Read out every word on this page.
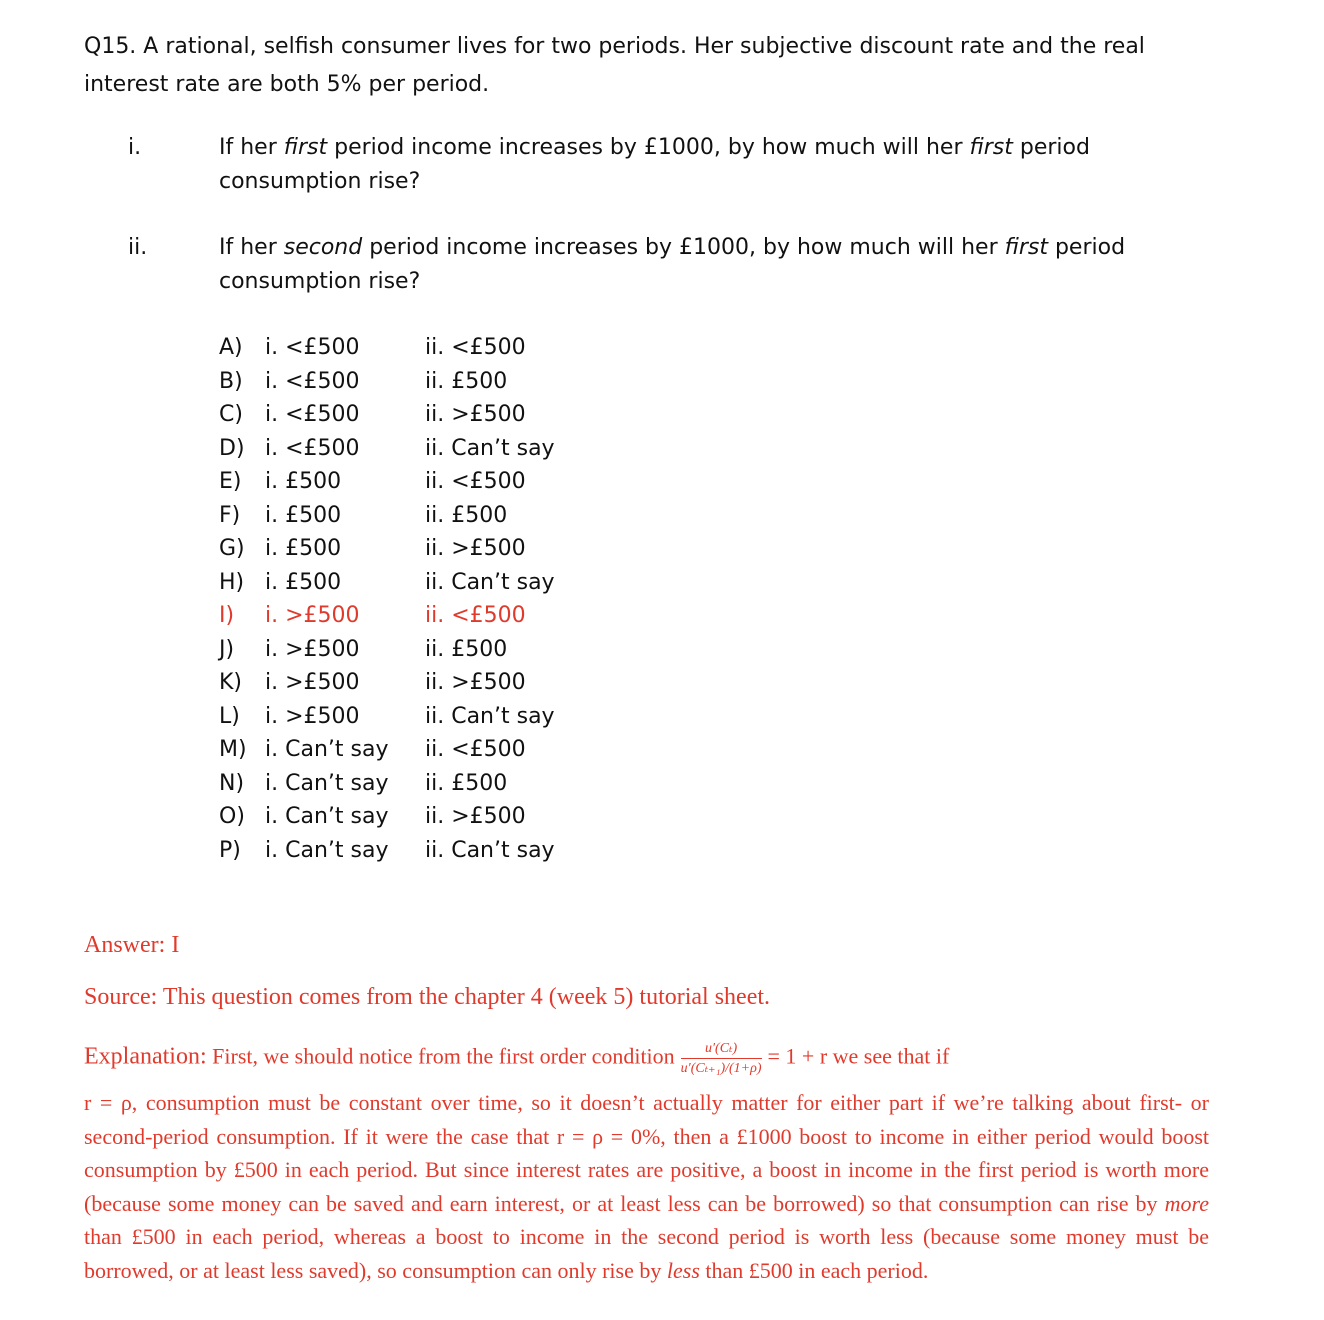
Q15. A rational, selfish consumer lives for two periods. Her subjective discount rate and the real
interest rate are both 5% per period.
i.	If her first period income increases by £1000, by how much will her first period
consumption rise?
ii.	If her second period income increases by £1000, by how much will her first period
consumption rise?
A) i. <£500	ii. <£500
B) i. <£500	ii. £500
C) i. <£500	ii. >£500
D) i. <£500	ii. Can’t say
E) i. £500	ii. <£500
F) i. £500	ii. £500
G) i. £500	ii. >£500
H) i. £500	ii. Can’t say
I) i. >£500	ii. <£500
J) i. >£500	ii. £500
K) i. >£500	ii. >£500
L) i. >£500	ii. Can’t say
M) i. Can’t say ii. <£500
N) i. Can’t say ii. £500
O) i. Can’t say ii. >£500
P) i. Can’t say ii. Can’t say
Answer: I
Source: This question comes from the chapter 4 (week 5) tutorial sheet.
Explanation: First, we should notice from the first order condition $\frac{\text{u′(Cₜ)}}{\text{u′(Cₜ₊₁)/(1+ρ)}} = 1 + r$ we see that if
r = ρ, consumption must be constant over time, so it doesn’t actually matter for either part if we’re talking about first- or second-period consumption. If it were the case that r = ρ = 0%, then a £1000 boost to income in either period would boost consumption by £500 in each period. But since interest rates are positive, a boost in income in the first period is worth more (because some money can be saved and earn interest, or at least less can be borrowed) so that consumption can rise by more than £500 in each period, whereas a boost to income in the second period is worth less (because some money must be borrowed, or at least less saved), so consumption can only rise by less than £500 in each period.
